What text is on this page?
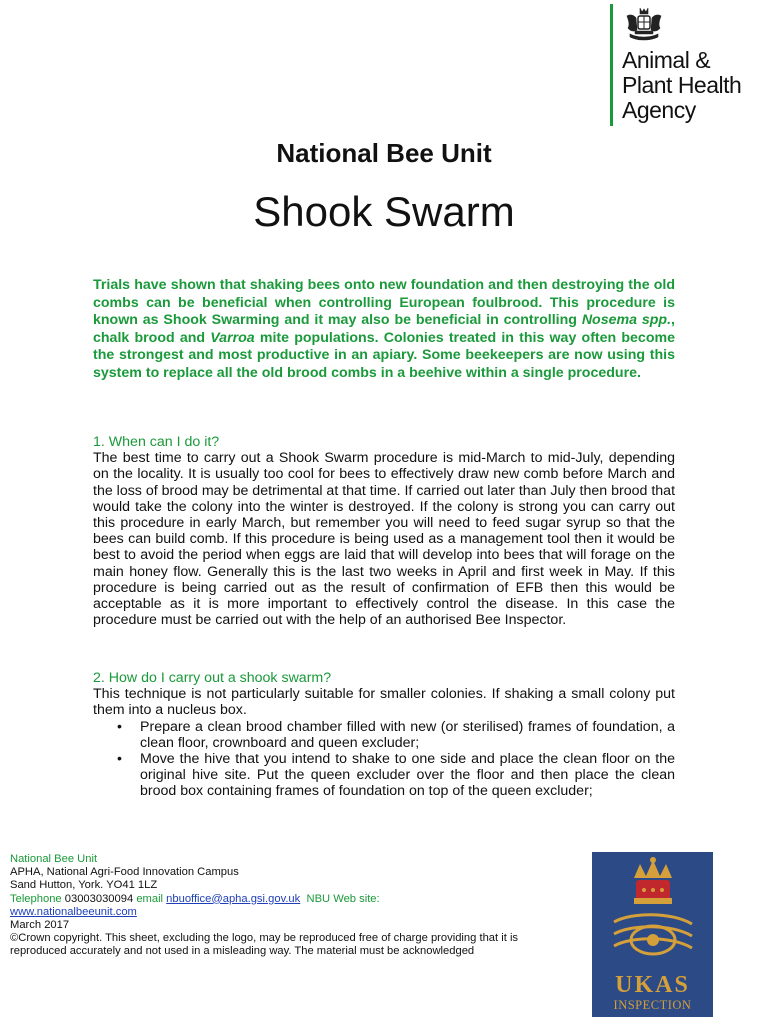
Animal &
Plant Health
Agency
National Bee Unit
Shook Swarm
Trials have shown that shaking bees onto new foundation and then destroying the old combs can be beneficial when controlling European foulbrood. This procedure is known as Shook Swarming and it may also be beneficial in controlling Nosema spp., chalk brood and Varroa mite populations. Colonies treated in this way often become the strongest and most productive in an apiary. Some beekeepers are now using this system to replace all the old brood combs in a beehive within a single procedure.
1. When can I do it?

The best time to carry out a Shook Swarm procedure is mid-March to mid-July, depending on the locality. It is usually too cool for bees to effectively draw new comb before March and the loss of brood may be detrimental at that time. If carried out later than July then brood that would take the colony into the winter is destroyed. If the colony is strong you can carry out this procedure in early March, but remember you will need to feed sugar syrup so that the bees can build comb. If this procedure is being used as a management tool then it would be best to avoid the period when eggs are laid that will develop into bees that will forage on the main honey flow. Generally this is the last two weeks in April and first week in May. If this procedure is being carried out as the result of confirmation of EFB then this would be acceptable as it is more important to effectively control the disease. In this case the procedure must be carried out with the help of an authorised Bee Inspector.

2. How do I carry out a shook swarm?

This technique is not particularly suitable for smaller colonies. If shaking a small colony put them into a nucleus box.

• Prepare a clean brood chamber filled with new (or sterilised) frames of foundation, a clean floor, crownboard and queen excluder;
• Move the hive that you intend to shake to one side and place the clean floor on the original hive site. Put the queen excluder over the floor and then place the clean brood box containing frames of foundation on top of the queen excluder;
National Bee Unit
APHA, National Agri-Food Innovation Campus
Sand Hutton, York. YO41 1LZ
Telephone 03003030094 email nbuoffice@apha.gsi.gov.uk NBU Web site:
www.nationalbeeunit.com
March 2017
©Crown copyright. This sheet, excluding the logo, may be reproduced free of charge providing that it is reproduced accurately and not used in a misleading way. The material must be acknowledged
UKAS
INSPECTION
